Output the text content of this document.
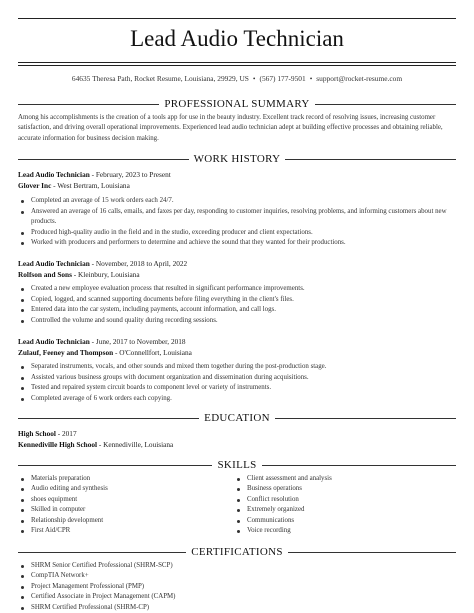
Lead Audio Technician
64635 Theresa Path, Rocket Resume, Louisiana, 29929, US • (567) 177-9501 • support@rocket-resume.com
PROFESSIONAL SUMMARY
Among his accomplishments is the creation of a tools app for use in the beauty industry. Excellent track record of resolving issues, increasing customer satisfaction, and driving overall operational improvements. Experienced lead audio technician adept at building effective processes and obtaining reliable, accurate information for business decision making.
WORK HISTORY
Lead Audio Technician - February, 2023 to Present
Glover Inc - West Bertram, Louisiana
Completed an average of 15 work orders each 24/7.
Answered an average of 16 calls, emails, and faxes per day, responding to customer inquiries, resolving problems, and informing customers about new products.
Produced high-quality audio in the field and in the studio, exceeding producer and client expectations.
Worked with producers and performers to determine and achieve the sound that they wanted for their productions.
Lead Audio Technician - November, 2018 to April, 2022
Rolfson and Sons - Kleinbury, Louisiana
Created a new employee evaluation process that resulted in significant performance improvements.
Copied, logged, and scanned supporting documents before filing everything in the client's files.
Entered data into the car system, including payments, account information, and call logs.
Controlled the volume and sound quality during recording sessions.
Lead Audio Technician - June, 2017 to November, 2018
Zulauf, Feeney and Thompson - O'Connellfort, Louisiana
Separated instruments, vocals, and other sounds and mixed them together during the post-production stage.
Assisted various business groups with document organization and dissemination during acquisitions.
Tested and repaired system circuit boards to component level or variety of instruments.
Completed average of 6 work orders each copying.
EDUCATION
High School - 2017
Kennediville High School - Kennediville, Louisiana
SKILLS
Materials preparation
Audio editing and synthesis
shoes equipment
Skilled in computer
Relationship development
First Aid/CPR
Client assessment and analysis
Business operations
Conflict resolution
Extremely organized
Communications
Voice recording
CERTIFICATIONS
SHRM Senior Certified Professional (SHRM-SCP)
CompTIA Network+
Project Management Professional (PMP)
Certified Associate in Project Management (CAPM)
SHRM Certified Professional (SHRM-CP)
